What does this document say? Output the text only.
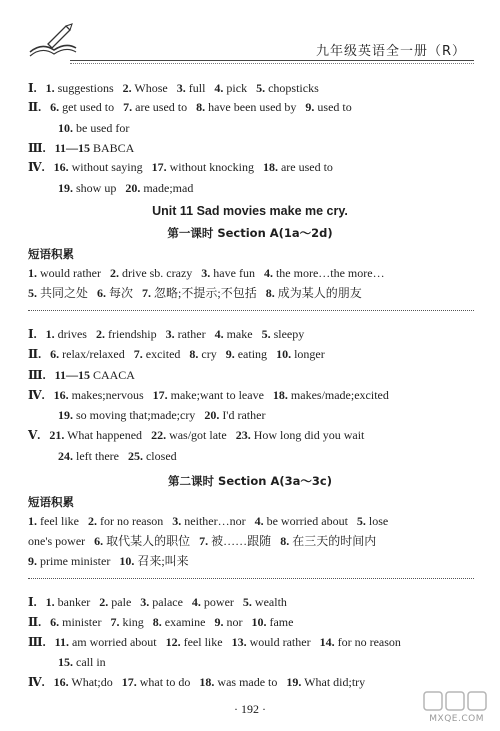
九年级英语全一册（R）
Ⅰ. 1. suggestions 2. Whose 3. full 4. pick 5. chopsticks
Ⅱ. 6. get used to 7. are used to 8. have been used by 9. used to
10. be used for
Ⅲ. 11—15 BABCA
Ⅳ. 16. without saying 17. without knocking 18. are used to
19. show up 20. made;mad
Unit 11 Sad movies make me cry.
第一课时 Section A(1a～2d)
短语积累
1. would rather 2. drive sb. crazy 3. have fun 4. the more…the more…
5. 共同之处 6. 每次 7. 忽略;不提示;不包括 8. 成为某人的朋友
Ⅰ. 1. drives 2. friendship 3. rather 4. make 5. sleepy
Ⅱ. 6. relax/relaxed 7. excited 8. cry 9. eating 10. longer
Ⅲ. 11—15 CAACA
Ⅳ. 16. makes;nervous 17. make;want to leave 18. makes/made;excited
19. so moving that;made;cry 20. I'd rather
Ⅴ. 21. What happened 22. was/got late 23. How long did you wait
24. left there 25. closed
第二课时 Section A(3a～3c)
短语积累
1. feel like 2. for no reason 3. neither…nor 4. be worried about 5. lose
one's power 6. 取代某人的职位 7. 被……跟随 8. 在三天的时间内
9. prime minister 10. 召来;叫来
Ⅰ. 1. banker 2. pale 3. palace 4. power 5. wealth
Ⅱ. 6. minister 7. king 8. examine 9. nor 10. fame
Ⅲ. 11. am worried about 12. feel like 13. would rather 14. for no reason
15. call in
Ⅳ. 16. What;do 17. what to do 18. was made to 19. What did;try
· 192 ·
MXQE.COM
